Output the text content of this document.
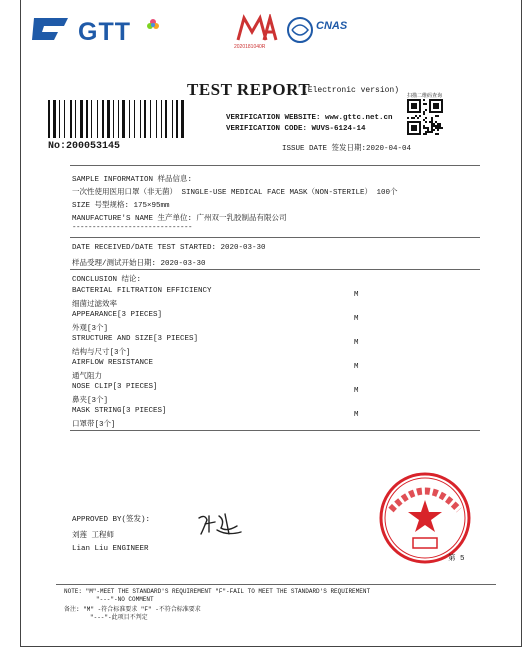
GTT
2020181040R
CNAS
TEST REPORT
(Electronic version)
No:200053145
VERIFICATION WEBSITE: www.gttc.net.cn
VERIFICATION CODE: WUVS-6124-14
扫描二维码查询
ISSUE DATE 签发日期:2020-04-04
SAMPLE INFORMATION 样品信息:
一次性使用医用口罩（非无菌） SINGLE-USE MEDICAL FACE MASK（NON-STERILE） 100个
SIZE 号型规格: 175×95mm
MANUFACTURE'S NAME 生产单位: 广州双一乳胶制品有限公司
------------------------------
DATE RECEIVED/DATE TEST STARTED: 2020-03-30
样品受理/测试开始日期: 2020-03-30
CONCLUSION 结论:
BACTERIAL FILTRATION EFFICIENCY	M
细菌过滤效率
APPEARANCE[3 PIECES]	M
外观[3个]
STRUCTURE AND SIZE[3 PIECES]	M
结构与尺寸[3个]
AIRFLOW RESISTANCE	M
通气阻力
NOSE CLIP[3 PIECES]	M
鼻夹[3个]
MASK STRING[3 PIECES]	M
口罩带[3个]
APPROVED BY(签发):
刘莲 工程师
Lian Liu ENGINEER
第 5
NOTE: "M"-MEET THE STANDARD'S REQUIREMENT "F"-FAIL TO MEET THE STANDARD'S REQUIREMENT
"---"-NO COMMENT
备注: "M" -符合标准要求 "F" -不符合标准要求
"---"-此项目不判定
